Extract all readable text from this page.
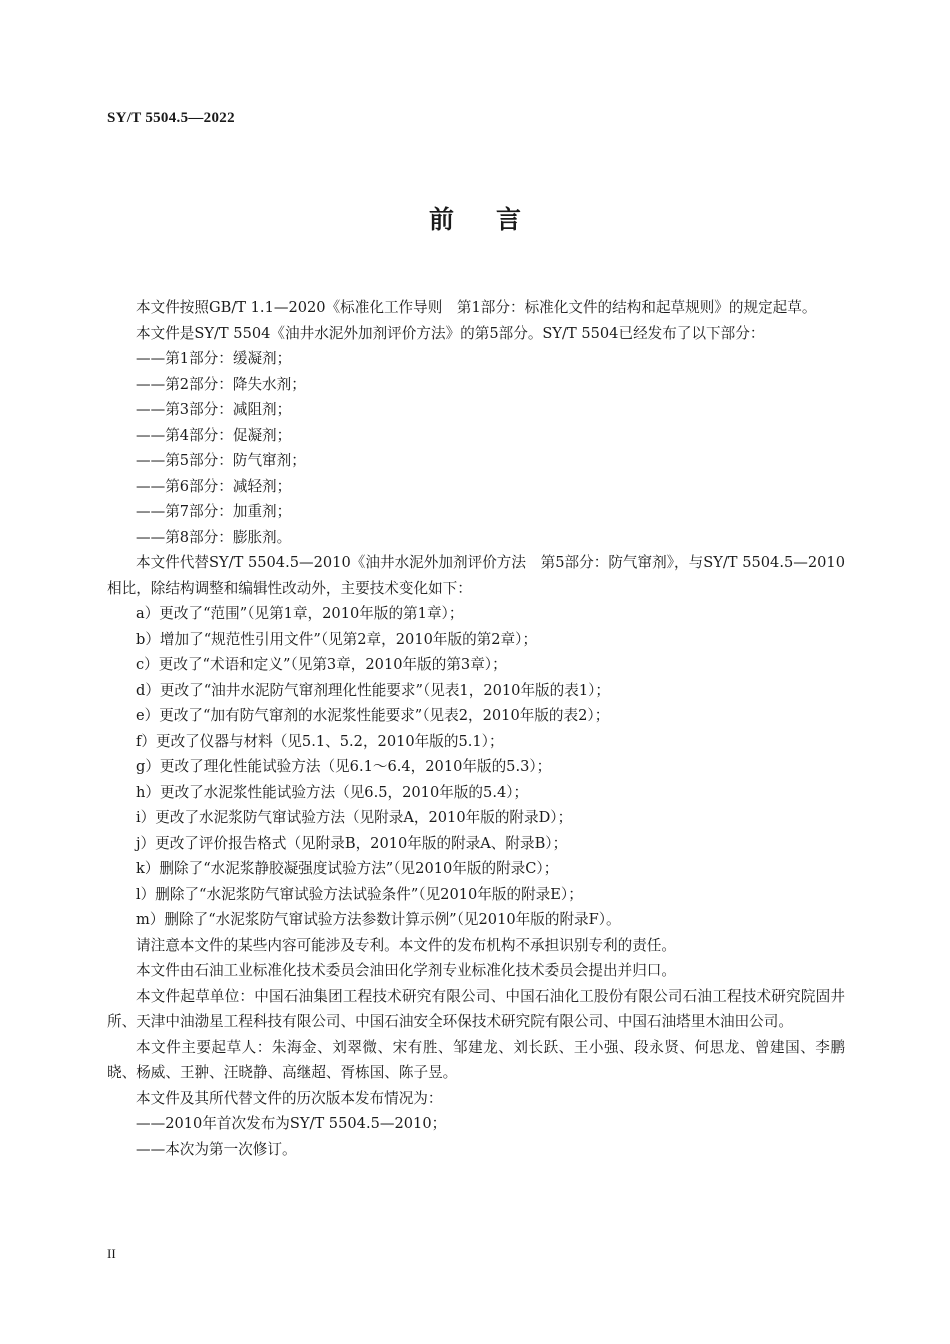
SY/T 5504.5—2022
前 言

本文件按照GB/T 1.1—2020《标准化工作导则　第1部分：标准化文件的结构和起草规则》的规定起草。

本文件是SY/T 5504《油井水泥外加剂评价方法》的第5部分。SY/T 5504已经发布了以下部分：

——第1部分：缓凝剂；

——第2部分：降失水剂；

——第3部分：减阻剂；

——第4部分：促凝剂；

——第5部分：防气窜剂；

——第6部分：减轻剂；

——第7部分：加重剂；

——第8部分：膨胀剂。

本文件代替SY/T 5504.5—2010《油井水泥外加剂评价方法　第5部分：防气窜剂》，与SY/T 5504.5—2010相比，除结构调整和编辑性改动外，主要技术变化如下：

a）更改了“范围”（见第1章，2010年版的第1章）；

b）增加了“规范性引用文件”（见第2章，2010年版的第2章）；

c）更改了“术语和定义”（见第3章，2010年版的第3章）；

d）更改了“油井水泥防气窜剂理化性能要求”（见表1，2010年版的表1）；

e）更改了“加有防气窜剂的水泥浆性能要求”（见表2，2010年版的表2）；

f）更改了仪器与材料（见5.1、5.2，2010年版的5.1）；

g）更改了理化性能试验方法（见6.1～6.4，2010年版的5.3）；

h）更改了水泥浆性能试验方法（见6.5，2010年版的5.4）；

i）更改了水泥浆防气窜试验方法（见附录A，2010年版的附录D）；

j）更改了评价报告格式（见附录B，2010年版的附录A、附录B）；

k）删除了“水泥浆静胶凝强度试验方法”（见2010年版的附录C）；

l）删除了“水泥浆防气窜试验方法试验条件”（见2010年版的附录E）；

m）删除了“水泥浆防气窜试验方法参数计算示例”（见2010年版的附录F）。

请注意本文件的某些内容可能涉及专利。本文件的发布机构不承担识别专利的责任。

本文件由石油工业标准化技术委员会油田化学剂专业标准化技术委员会提出并归口。

本文件起草单位：中国石油集团工程技术研究有限公司、中国石油化工股份有限公司石油工程技术研究院固井所、天津中油渤星工程科技有限公司、中国石油安全环保技术研究院有限公司、中国石油塔里木油田公司。

本文件主要起草人：朱海金、刘翠微、宋有胜、邹建龙、刘长跃、王小强、段永贤、何思龙、曾建国、李鹏晓、杨威、王翀、汪晓静、高继超、胥栋国、陈子昱。

本文件及其所代替文件的历次版本发布情况为：

——2010年首次发布为SY/T 5504.5—2010；

——本次为第一次修订。

II
